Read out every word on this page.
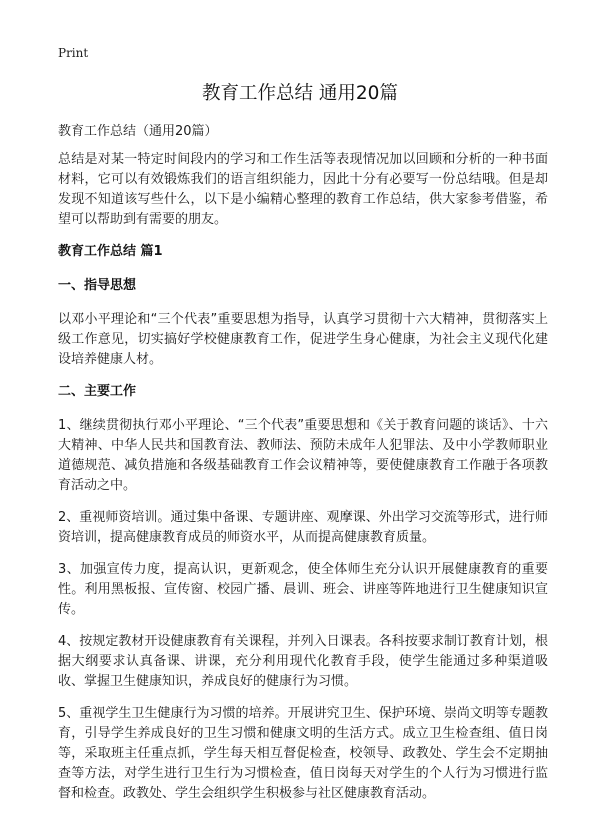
Print
教育工作总结 通用20篇

教育工作总结（通用20篇）

总结是对某一特定时间段内的学习和工作生活等表现情况加以回顾和分析的一种书面材料，它可以有效锻炼我们的语言组织能力，因此十分有必要写一份总结哦。但是却发现不知道该写些什么，以下是小编精心整理的教育工作总结，供大家参考借鉴，希望可以帮助到有需要的朋友。

教育工作总结 篇1

一、指导思想

以邓小平理论和“三个代表”重要思想为指导，认真学习贯彻十六大精神，贯彻落实上级工作意见，切实搞好学校健康教育工作，促进学生身心健康，为社会主义现代化建设培养健康人材。

二、主要工作

1、继续贯彻执行邓小平理论、“三个代表”重要思想和《关于教育问题的谈话》、十六大精神、中华人民共和国教育法、教师法、预防未成年人犯罪法、及中小学教师职业道德规范、减负措施和各级基础教育工作会议精神等，要使健康教育工作融于各项教育活动之中。

2、重视师资培训。通过集中备课、专题讲座、观摩课、外出学习交流等形式，进行师资培训，提高健康教育成员的师资水平，从而提高健康教育质量。

3、加强宣传力度，提高认识，更新观念，使全体师生充分认识开展健康教育的重要性。利用黑板报、宣传窗、校园广播、晨训、班会、讲座等阵地进行卫生健康知识宣传。

4、按规定教材开设健康教育有关课程，并列入日课表。各科按要求制订教育计划，根据大纲要求认真备课、讲课，充分利用现代化教育手段，使学生能通过多种渠道吸收、掌握卫生健康知识，养成良好的健康行为习惯。

5、重视学生卫生健康行为习惯的培养。开展讲究卫生、保护环境、崇尚文明等专题教育，引导学生养成良好的卫生习惯和健康文明的生活方式。成立卫生检查组、值日岗等，采取班主任重点抓，学生每天相互督促检查，校领导、政教处、学生会不定期抽查等方法，对学生进行卫生行为习惯检查，值日岗每天对学生的个人行为习惯进行监督和检查。政教处、学生会组织学生积极参与社区健康教育活动。
